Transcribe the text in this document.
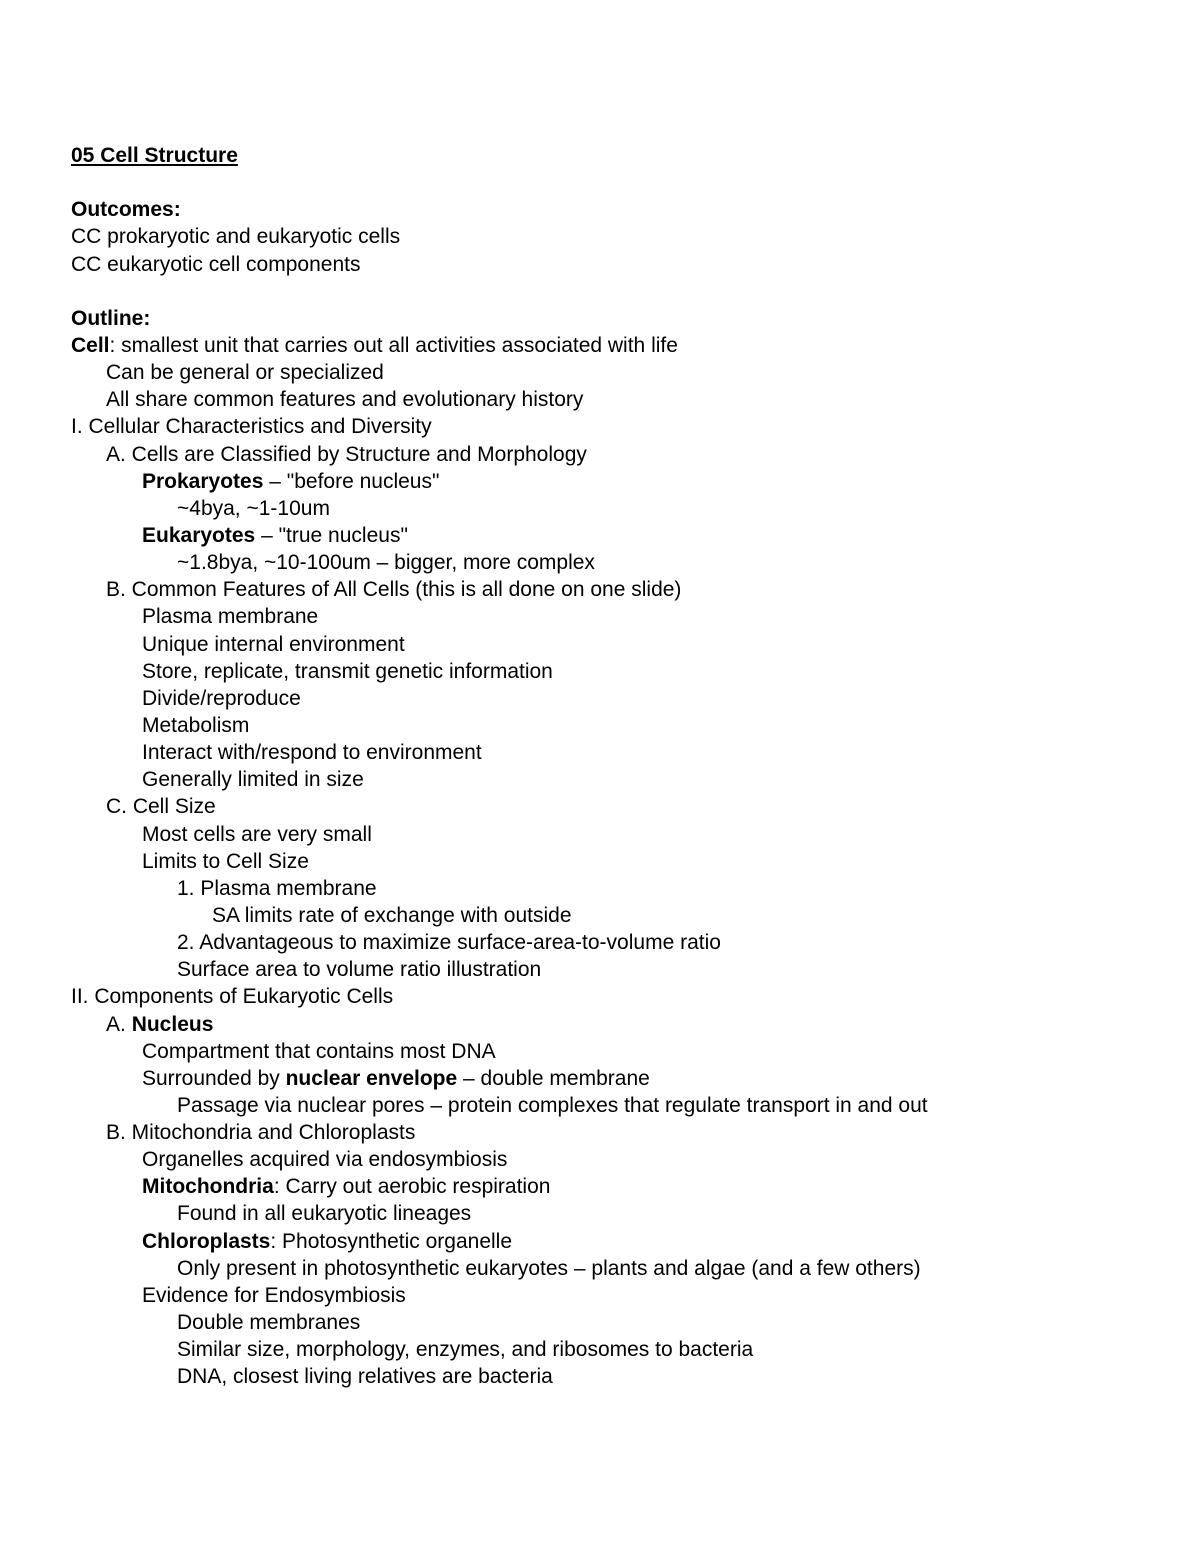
05 Cell Structure
Outcomes:
CC prokaryotic and eukaryotic cells
CC eukaryotic cell components
Outline:
Cell: smallest unit that carries out all activities associated with life
Can be general or specialized
All share common features and evolutionary history
I. Cellular Characteristics and Diversity
A. Cells are Classified by Structure and Morphology
Prokaryotes – "before nucleus"
~4bya, ~1-10um
Eukaryotes – "true nucleus"
~1.8bya, ~10-100um – bigger, more complex
B. Common Features of All Cells (this is all done on one slide)
Plasma membrane
Unique internal environment
Store, replicate, transmit genetic information
Divide/reproduce
Metabolism
Interact with/respond to environment
Generally limited in size
C. Cell Size
Most cells are very small
Limits to Cell Size
1. Plasma membrane
SA limits rate of exchange with outside
2. Advantageous to maximize surface-area-to-volume ratio
Surface area to volume ratio illustration
II. Components of Eukaryotic Cells
A. Nucleus
Compartment that contains most DNA
Surrounded by nuclear envelope – double membrane
Passage via nuclear pores – protein complexes that regulate transport in and out
B. Mitochondria and Chloroplasts
Organelles acquired via endosymbiosis
Mitochondria: Carry out aerobic respiration
Found in all eukaryotic lineages
Chloroplasts: Photosynthetic organelle
Only present in photosynthetic eukaryotes – plants and algae (and a few others)
Evidence for Endosymbiosis
Double membranes
Similar size, morphology, enzymes, and ribosomes to bacteria
DNA, closest living relatives are bacteria
